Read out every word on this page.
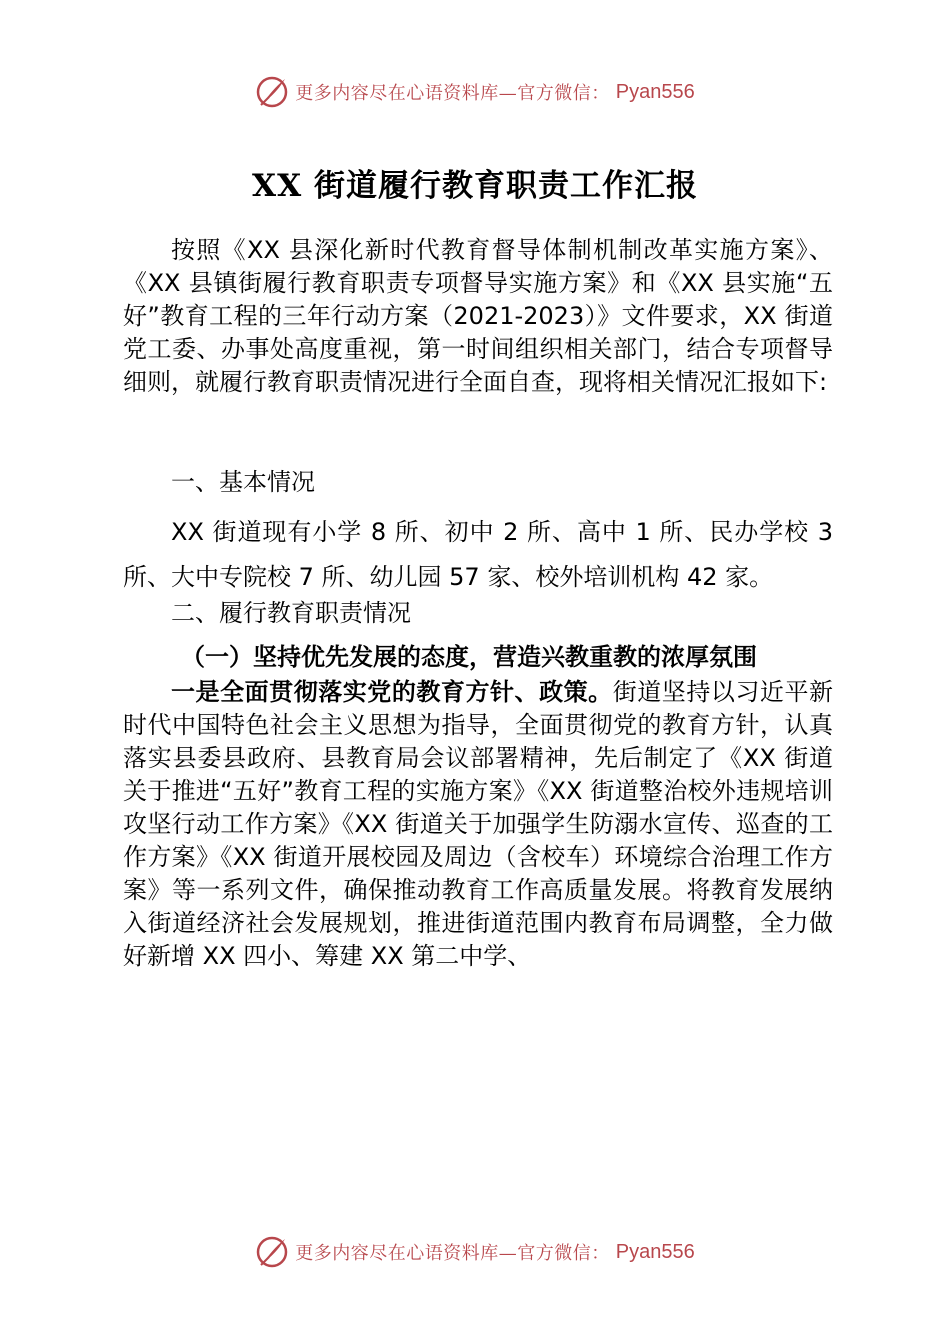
更多内容尽在心语资料库—官方微信： Pyan556
XX 街道履行教育职责工作汇报

按照《XX 县深化新时代教育督导体制机制改革实施方案》、《XX 县镇街履行教育职责专项督导实施方案》和《XX 县实施“五好”教育工程的三年行动方案（2021-2023）》文件要求，XX 街道党工委、办事处高度重视，第一时间组织相关部门，结合专项督导细则，就履行教育职责情况进行全面自查，现将相关情况汇报如下:

一、基本情况

XX 街道现有小学 8 所、初中 2 所、高中 1 所、民办学校 3 所、大中专院校 7 所、幼儿园 57 家、校外培训机构 42 家。

二、履行教育职责情况

（一）坚持优先发展的态度，营造兴教重教的浓厚氛围

一是全面贯彻落实党的教育方针、政策。街道坚持以习近平新时代中国特色社会主义思想为指导，全面贯彻党的教育方针，认真落实县委县政府、县教育局会议部署精神，先后制定了《XX 街道关于推进“五好”教育工程的实施方案》《XX 街道整治校外违规培训攻坚行动工作方案》《XX 街道关于加强学生防溺水宣传、巡查的工作方案》《XX 街道开展校园及周边（含校车）环境综合治理工作方案》等一系列文件，确保推动教育工作高质量发展。将教育发展纳入街道经济社会发展规划，推进街道范围内教育布局调整，全力做好新增 XX 四小、筹建 XX 第二中学、

更多内容尽在心语资料库—官方微信： Pyan556
